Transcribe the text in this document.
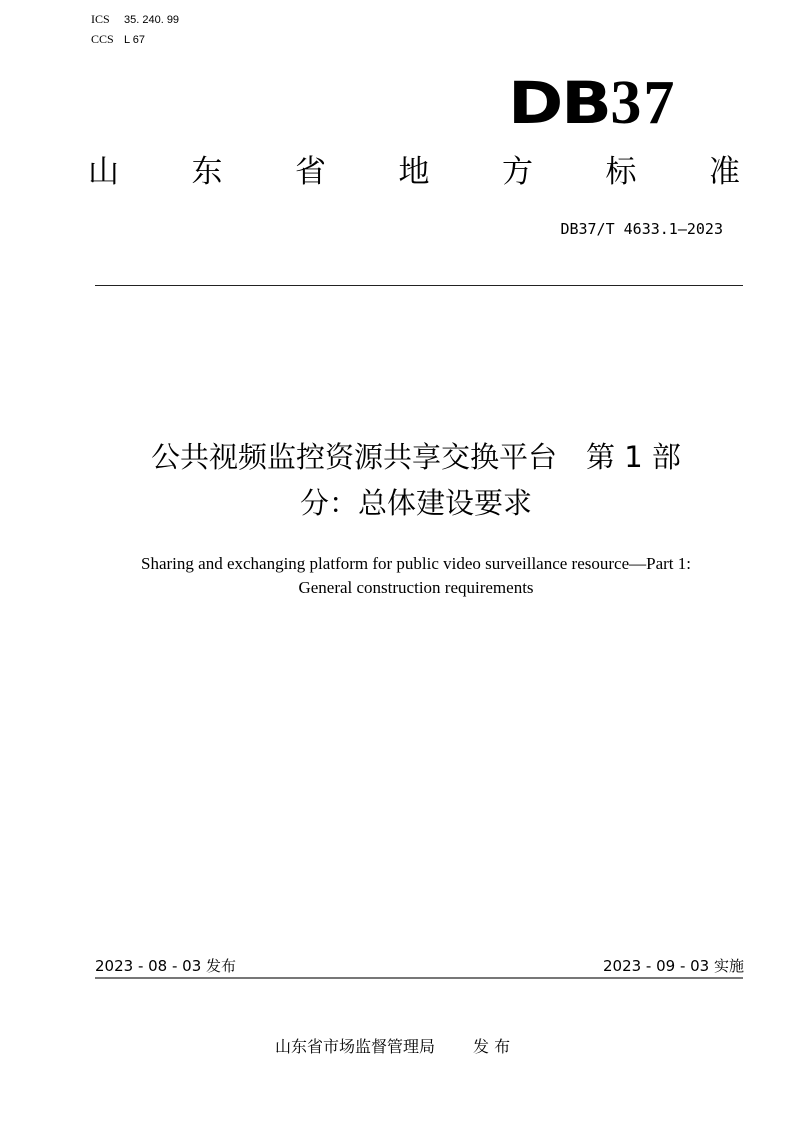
ICS 35. 240. 99
CCS L 67
DB 37
山 东 省 地 方 标 准
DB37/T 4633.1—2023
公共视频监控资源共享交换平台　第 1 部
分：总体建设要求
Sharing and exchanging platform for public video surveillance resource—Part 1:
General construction requirements
2023 - 08 - 03 发布	2023 - 09 - 03 实施
山东省市场监督管理局 发 布
